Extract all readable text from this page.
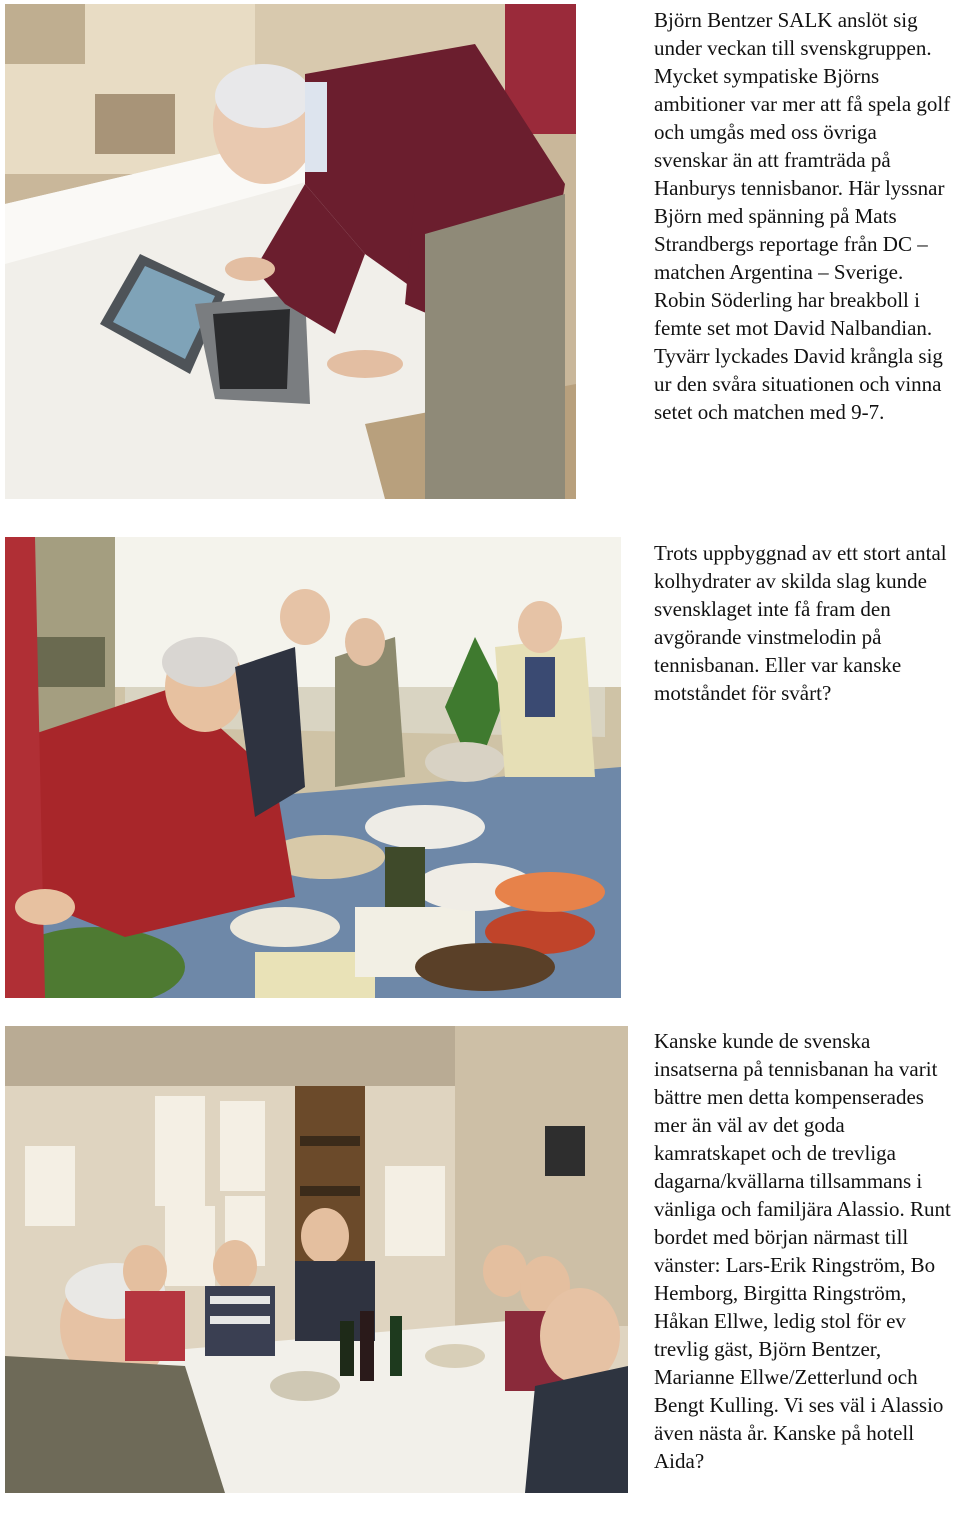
Björn Bentzer SALK anslöt sig under veckan till svenskgruppen. Mycket sympatiske Björns ambitioner var mer att få spela golf och umgås med oss övriga svenskar än att framträda på Hanburys tennisbanor. Här lyssnar Björn med spänning på Mats Strandbergs reportage från DC – matchen Argentina – Sverige. Robin Söderling har breakboll i femte set mot David Nalbandian. Tyvärr lyckades David krångla sig ur den svåra situationen och vinna setet och matchen med 9-7.

Trots uppbyggnad av ett stort antal kolhydrater av skilda slag kunde svensklaget inte få fram den avgörande vinstmelodin på tennisbanan. Eller var kanske motståndet för svårt?

Kanske kunde de svenska insatserna på tennisbanan ha varit bättre men detta kompenserades mer än väl av det goda kamratskapet och de trevliga dagarna/kvällarna tillsammans i vänliga och familjära Alassio. Runt bordet med början närmast till vänster: Lars-Erik Ringström, Bo Hemborg, Birgitta Ringström, Håkan Ellwe, ledig stol för ev trevlig gäst, Björn Bentzer, Marianne Ellwe/Zetterlund och Bengt Kulling. Vi ses väl i Alassio även nästa år. Kanske på hotell Aida?
